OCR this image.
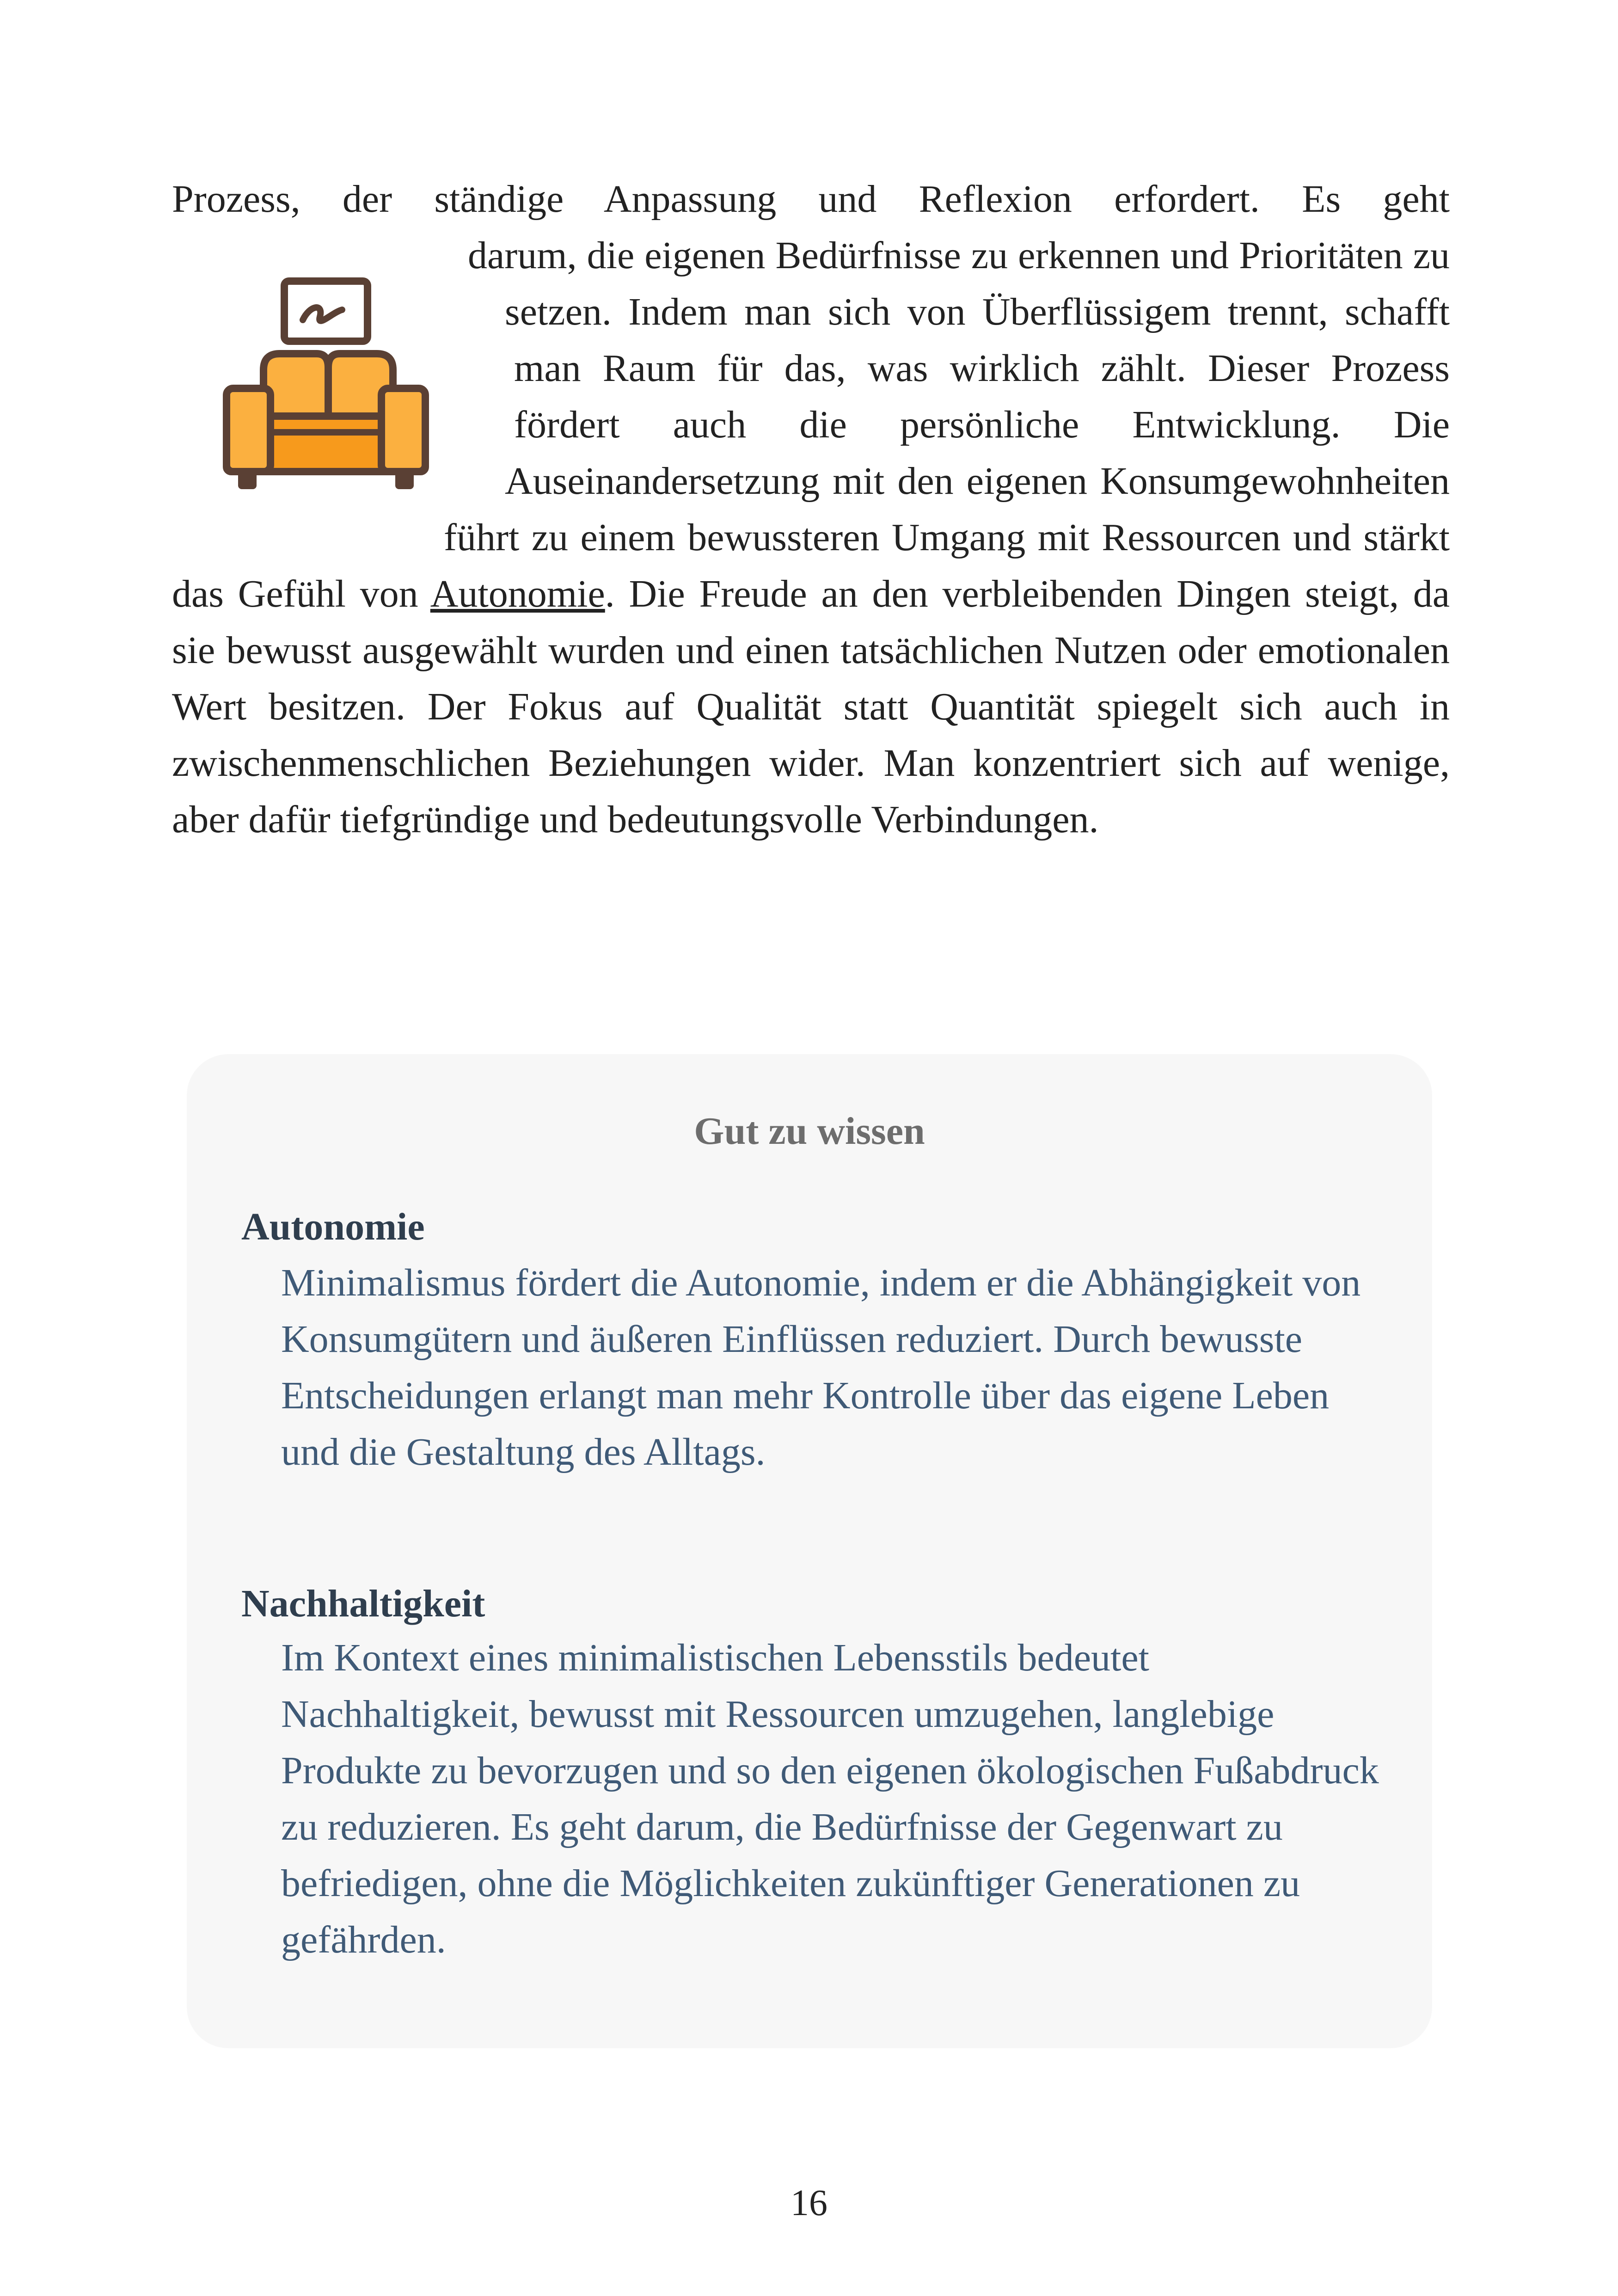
Prozess, der ständige Anpassung und Reflexion erfordert. Es geht
darum, die eigenen Bedürfnisse zu erkennen und Prioritäten zu setzen. Indem man sich von Überflüssigem trennt, schafft man Raum für das, was wirklich zählt. Dieser Prozess fördert auch die persönliche Entwicklung. Die Auseinandersetzung mit den eigenen Konsumgewohnheiten führt zu einem bewussteren Umgang mit Ressourcen und stärkt das Gefühl von Autonomie. Die Freude an den verbleibenden Dingen steigt, da sie bewusst ausgewählt wurden und einen tatsächlichen Nutzen oder emotionalen Wert besitzen. Der Fokus auf Qualität statt Quantität spiegelt sich auch in zwischenmenschlichen Beziehungen wider. Man konzentriert sich auf wenige, aber dafür tiefgründige und bedeutungsvolle Verbindungen.

Gut zu wissen

Autonomie

Minimalismus fördert die Autonomie, indem er die Abhängigkeit von Konsumgütern und äußeren Einflüssen reduziert. Durch bewusste Entscheidungen erlangt man mehr Kontrolle über das eigene Leben und die Gestaltung des Alltags.

Nachhaltigkeit

Im Kontext eines minimalistischen Lebensstils bedeutet Nachhaltigkeit, bewusst mit Ressourcen umzugehen, langlebige Produkte zu bevorzugen und so den eigenen ökologischen Fußabdruck zu reduzieren. Es geht darum, die Bedürfnisse der Gegenwart zu befriedigen, ohne die Möglichkeiten zukünftiger Generationen zu gefährden.

16
